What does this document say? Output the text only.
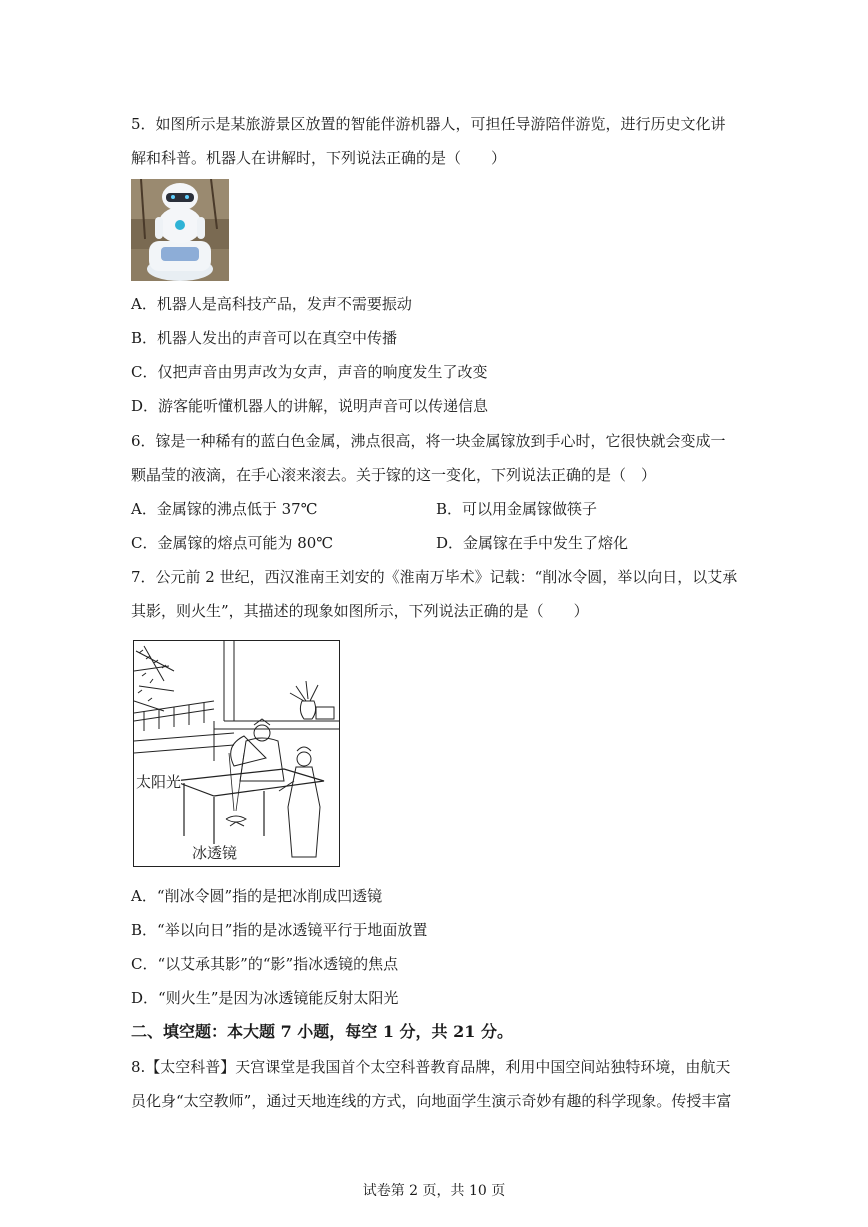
5．如图所示是某旅游景区放置的智能伴游机器人，可担任导游陪伴游览，进行历史文化讲
解和科普。机器人在讲解时，下列说法正确的是（　　）
A．机器人是高科技产品，发声不需要振动
B．机器人发出的声音可以在真空中传播
C．仅把声音由男声改为女声，声音的响度发生了改变
D．游客能听懂机器人的讲解，说明声音可以传递信息
6．镓是一种稀有的蓝白色金属，沸点很高，将一块金属镓放到手心时，它很快就会变成一
颗晶莹的液滴，在手心滚来滚去。关于镓的这一变化，下列说法正确的是（　）
A．金属镓的沸点低于 37℃	B．可以用金属镓做筷子
C．金属镓的熔点可能为 80℃	D．金属镓在手中发生了熔化
7．公元前 2 世纪，西汉淮南王刘安的《淮南万毕术》记载：“削冰令圆，举以向日，以艾承
其影，则火生”，其描述的现象如图所示，下列说法正确的是（　　）
太阳光
冰透镜
A．“削冰令圆”指的是把冰削成凹透镜
B．“举以向日”指的是冰透镜平行于地面放置
C．“以艾承其影”的“影”指冰透镜的焦点
D．“则火生”是因为冰透镜能反射太阳光
二、填空题：本大题 7 小题，每空 1 分，共 21 分。
8.【太空科普】天宫课堂是我国首个太空科普教育品牌，利用中国空间站独特环境，由航天
员化身“太空教师”，通过天地连线的方式，向地面学生演示奇妙有趣的科学现象。传授丰富
试卷第 2 页，共 10 页
